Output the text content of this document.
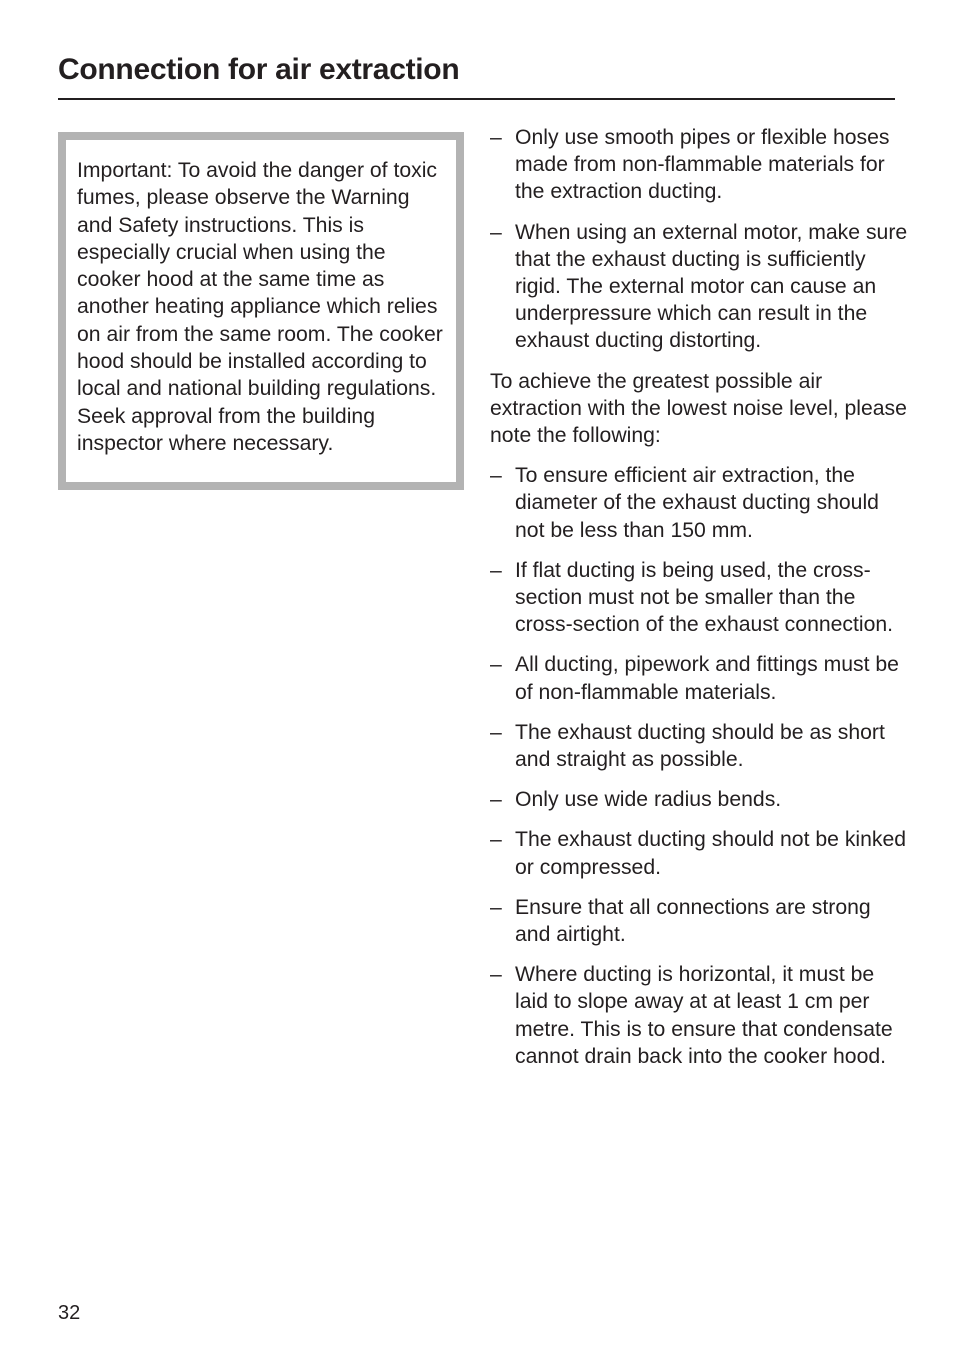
Connection for air extraction

Important: To avoid the danger of toxic fumes, please observe the Warning and Safety instructions. This is especially crucial when using the cooker hood at the same time as another heating appliance which relies on air from the same room. The cooker hood should be installed according to local and national building regulations. Seek approval from the building inspector where necessary.

– Only use smooth pipes or flexible hoses made from non-flammable materials for the extraction ducting.
– When using an external motor, make sure that the exhaust ducting is sufficiently rigid. The external motor can cause an underpressure which can result in the exhaust ducting distorting.

To achieve the greatest possible air extraction with the lowest noise level, please note the following:

– To ensure efficient air extraction, the diameter of the exhaust ducting should not be less than 150 mm.
– If flat ducting is being used, the cross-section must not be smaller than the cross-section of the exhaust connection.
– All ducting, pipework and fittings must be of non-flammable materials.
– The exhaust ducting should be as short and straight as possible.
– Only use wide radius bends.
– The exhaust ducting should not be kinked or compressed.
– Ensure that all connections are strong and airtight.
– Where ducting is horizontal, it must be laid to slope away at at least 1 cm per metre. This is to ensure that condensate cannot drain back into the cooker hood.
32
